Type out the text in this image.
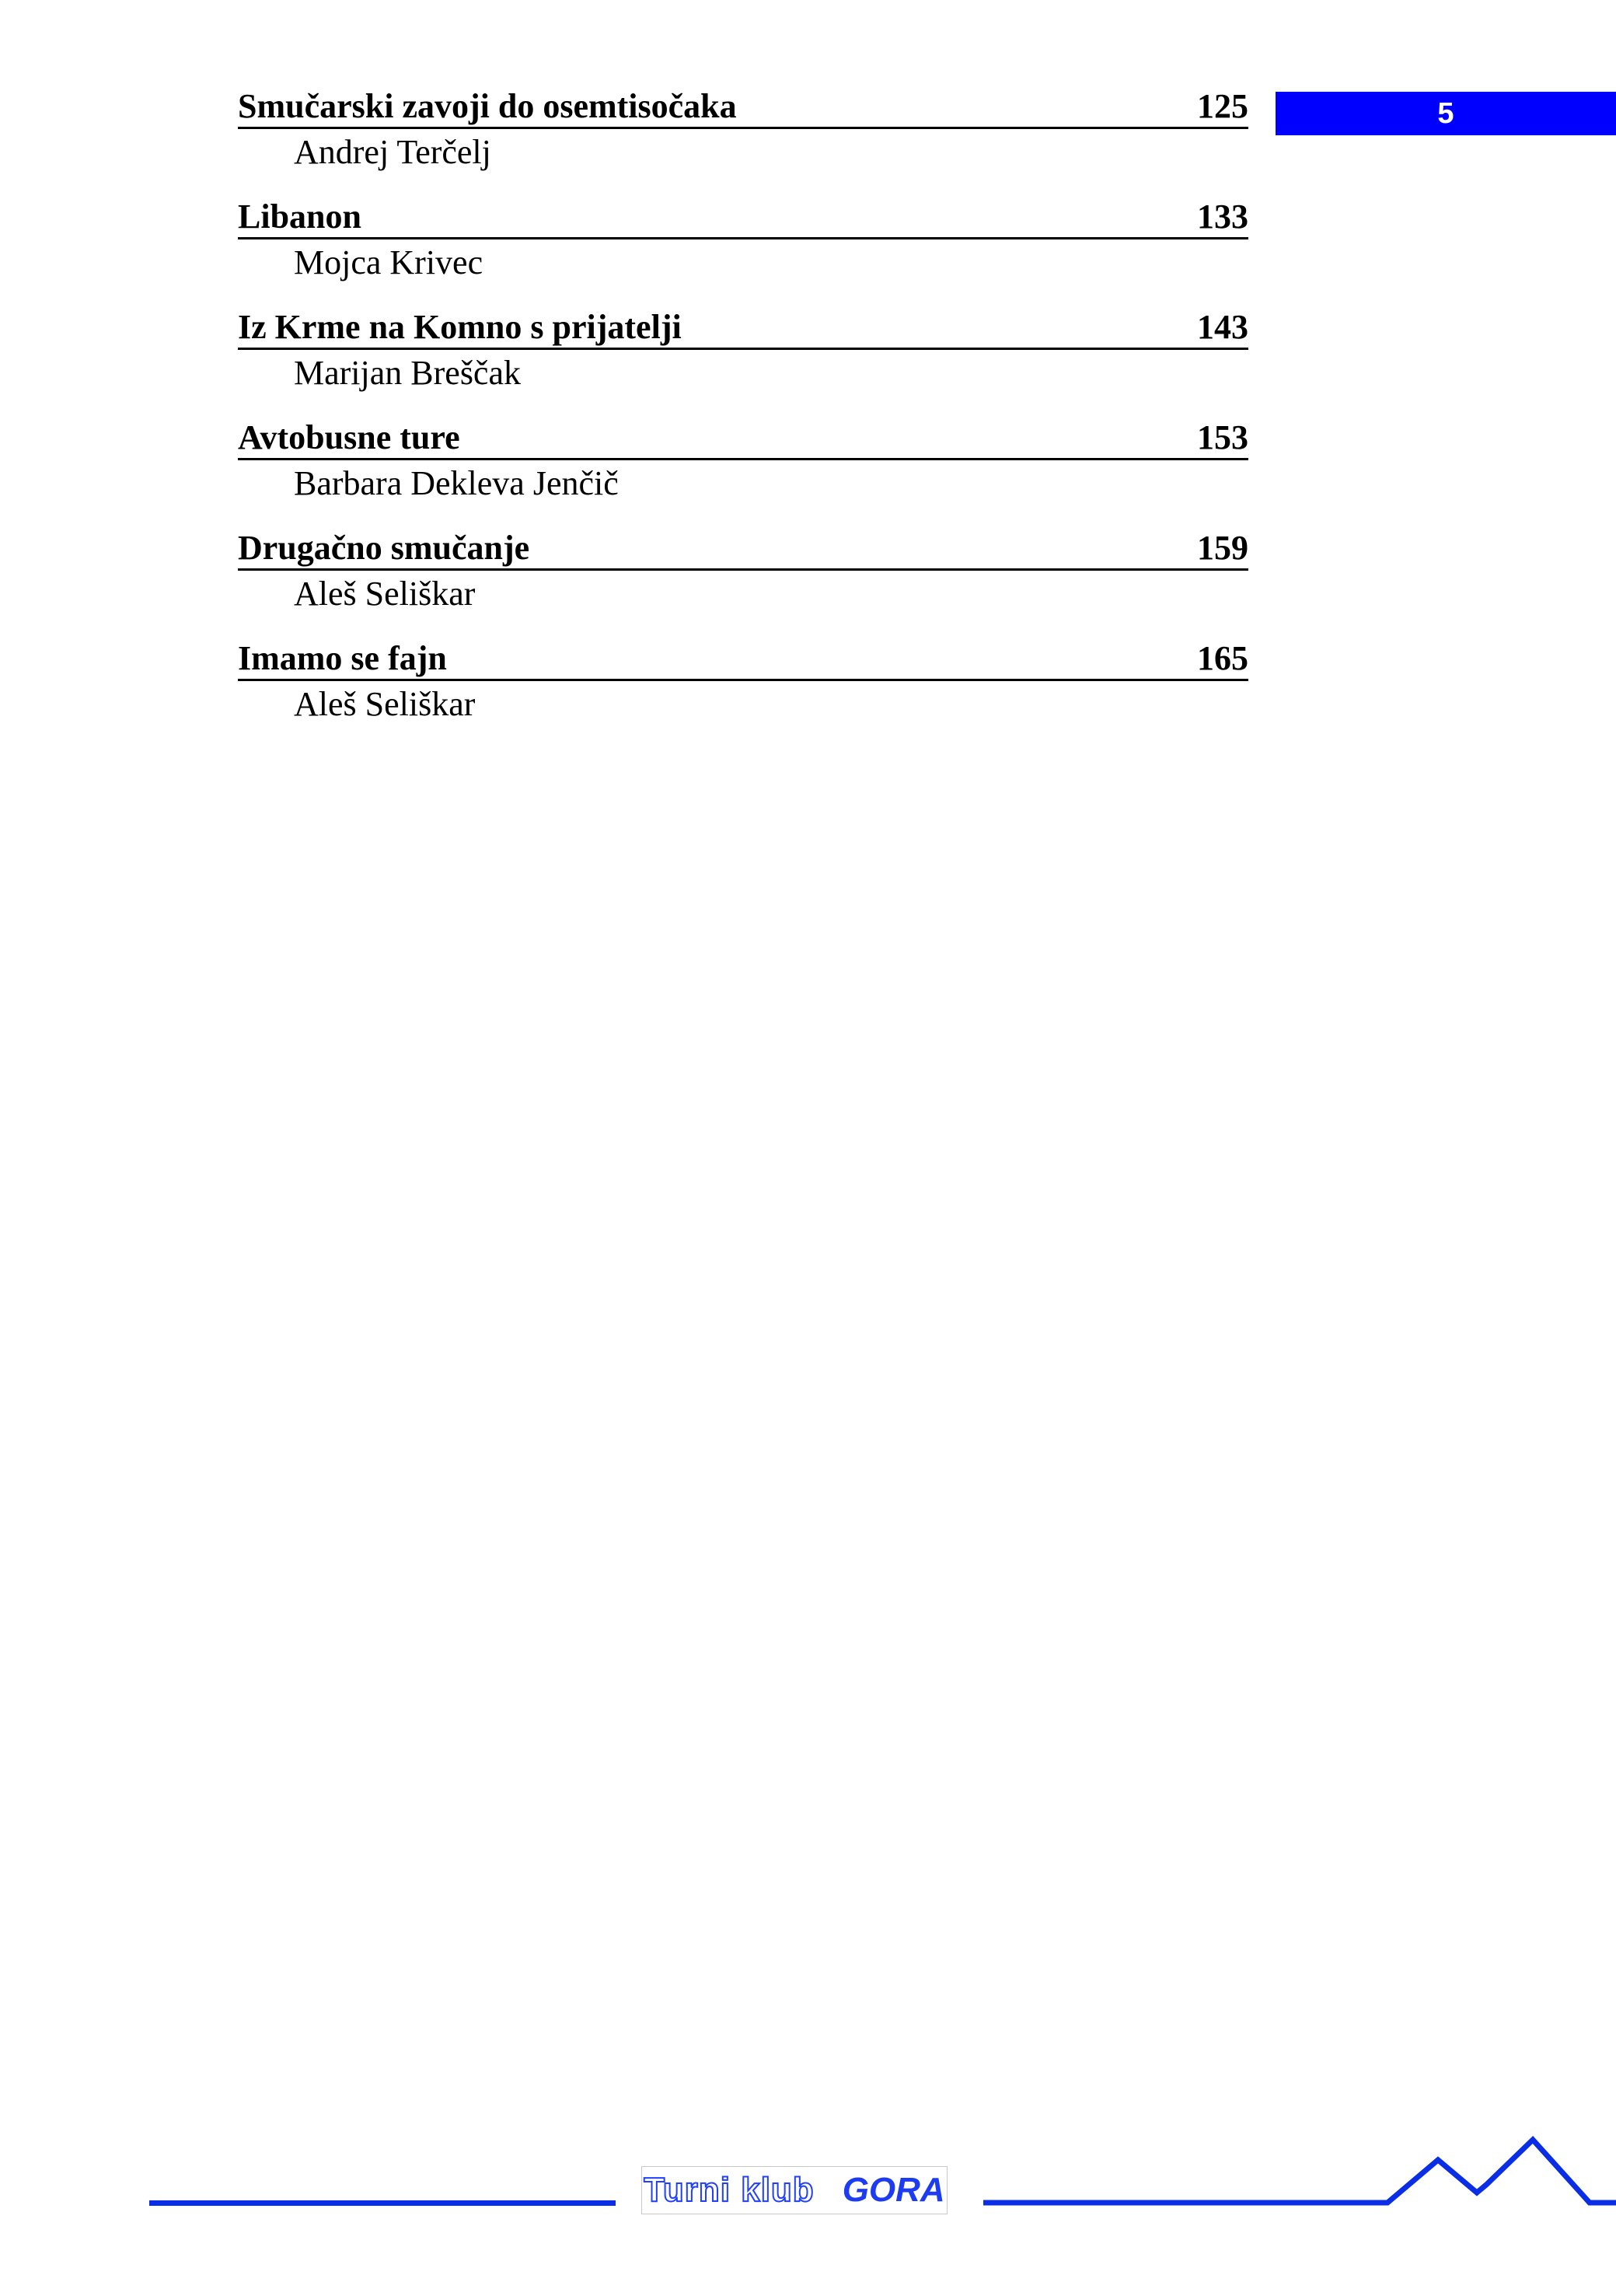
5
Smučarski zavoji do osemtisočaka	125
Andrej Terčelj
Libanon	133
Mojca Krivec
Iz Krme na Komno s prijatelji	143
Marijan Breščak
Avtobusne ture	153
Barbara Dekleva Jenčič
Drugačno smučanje	159
Aleš Seliškar
Imamo se fajn	165
Aleš Seliškar
Turni klub GORA
